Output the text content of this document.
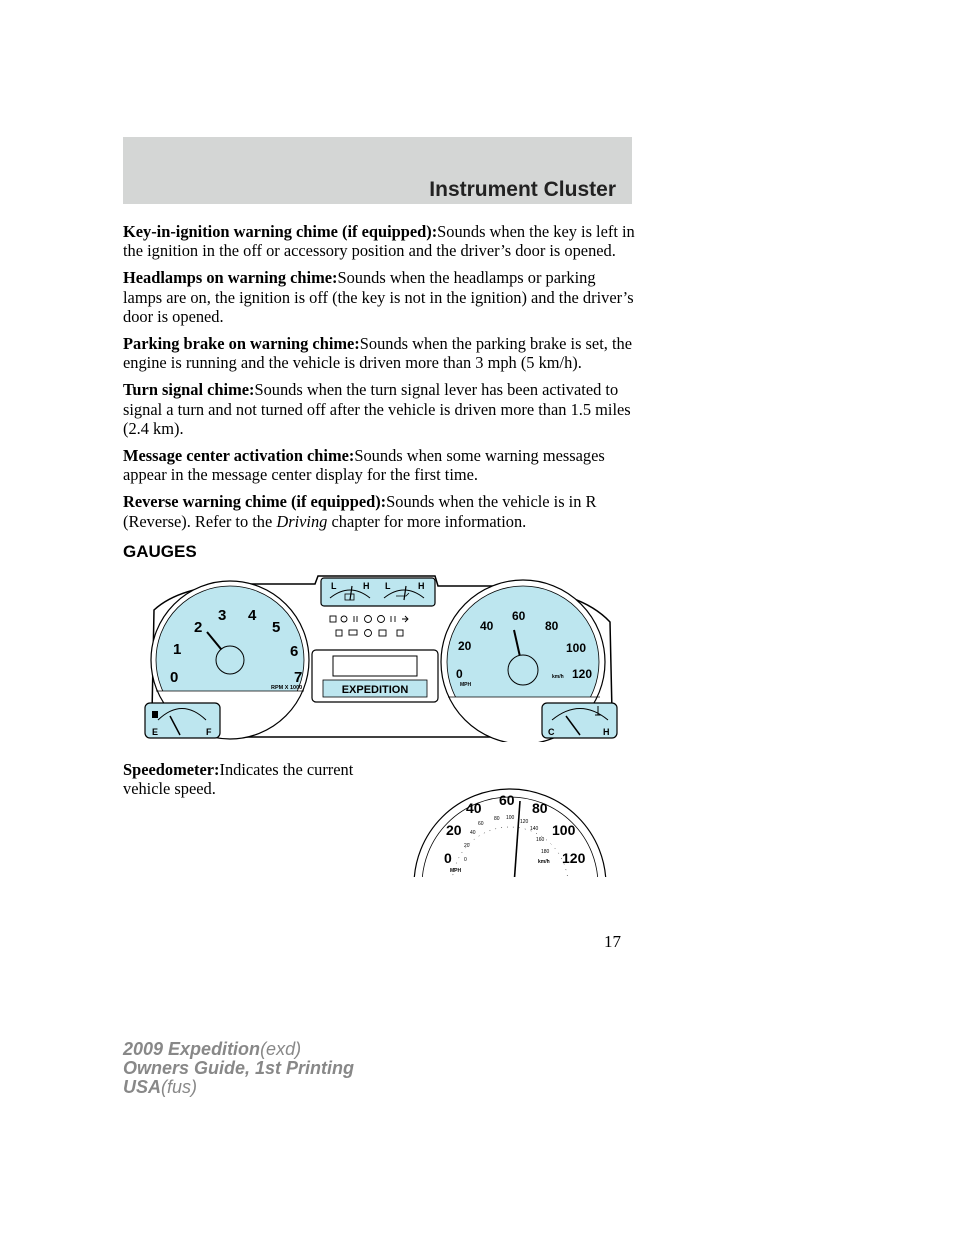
Instrument Cluster

Key-in-ignition warning chime (if equipped):Sounds when the key is left in the ignition in the off or accessory position and the driver’s door is opened.

Headlamps on warning chime:Sounds when the headlamps or parking lamps are on, the ignition is off (the key is not in the ignition) and the driver’s door is opened.

Parking brake on warning chime:Sounds when the parking brake is set, the engine is running and the vehicle is driven more than 3 mph (5 km/h).

Turn signal chime:Sounds when the turn signal lever has been activated to signal a turn and not turned off after the vehicle is driven more than 1.5 miles (2.4 km).

Message center activation chime:Sounds when some warning messages appear in the message center display for the first time.

Reverse warning chime (if equipped):Sounds when the vehicle is in R (Reverse). Refer to the Driving chapter for more information.

GAUGES
L	H L	H
0
1
2
3 4
5
6
7
RPM X 1000
0
20
40
60
80
100
120
MPH
km/h
EXPEDITION
E	F	C	H
Speedometer:Indicates the current vehicle speed.
0
20
40 60 80
100
120
0
20
40
60
80 100
120
140
160
180
MPH
km/h
17
2009 Expedition(exd)
Owners Guide, 1st Printing
USA(fus)
